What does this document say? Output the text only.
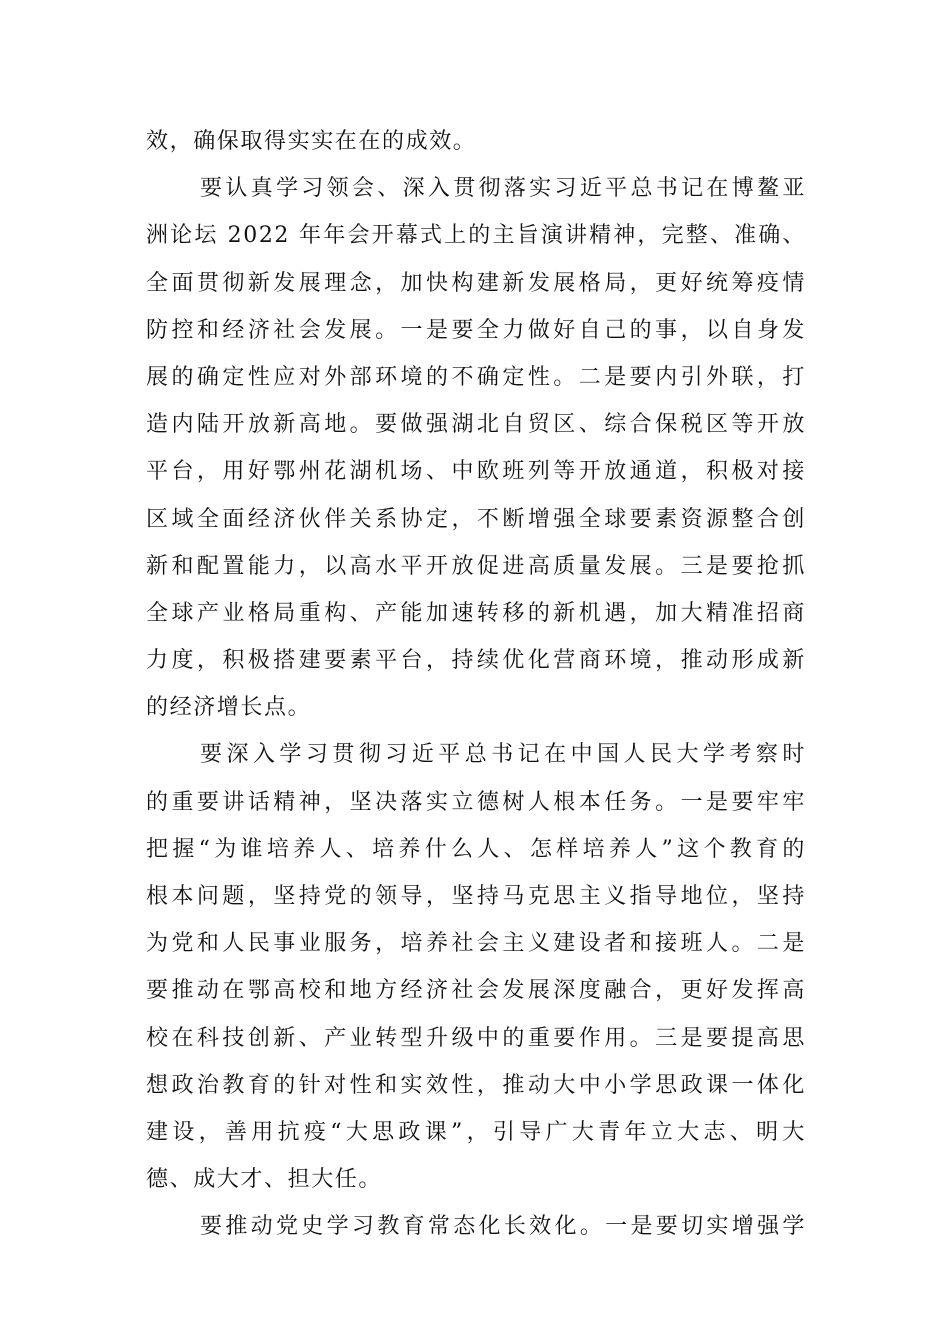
效，确保取得实实在在的成效。
要认真学习领会、深入贯彻落实习近平总书记在博鳌亚
洲论坛 2022 年年会开幕式上的主旨演讲精神，完整、准确、
全面贯彻新发展理念，加快构建新发展格局，更好统筹疫情
防控和经济社会发展。一是要全力做好自己的事，以自身发
展的确定性应对外部环境的不确定性。二是要内引外联，打
造内陆开放新高地。要做强湖北自贸区、综合保税区等开放
平台，用好鄂州花湖机场、中欧班列等开放通道，积极对接
区域全面经济伙伴关系协定，不断增强全球要素资源整合创
新和配置能力，以高水平开放促进高质量发展。三是要抢抓
全球产业格局重构、产能加速转移的新机遇，加大精准招商
力度，积极搭建要素平台，持续优化营商环境，推动形成新
的经济增长点。
要深入学习贯彻习近平总书记在中国人民大学考察时
的重要讲话精神，坚决落实立德树人根本任务。一是要牢牢
把握“为谁培养人、培养什么人、怎样培养人”这个教育的
根本问题，坚持党的领导，坚持马克思主义指导地位，坚持
为党和人民事业服务，培养社会主义建设者和接班人。二是
要推动在鄂高校和地方经济社会发展深度融合，更好发挥高
校在科技创新、产业转型升级中的重要作用。三是要提高思
想政治教育的针对性和实效性，推动大中小学思政课一体化
建设，善用抗疫“大思政课”，引导广大青年立大志、明大
德、成大才、担大任。
要推动党史学习教育常态化长效化。一是要切实增强学
